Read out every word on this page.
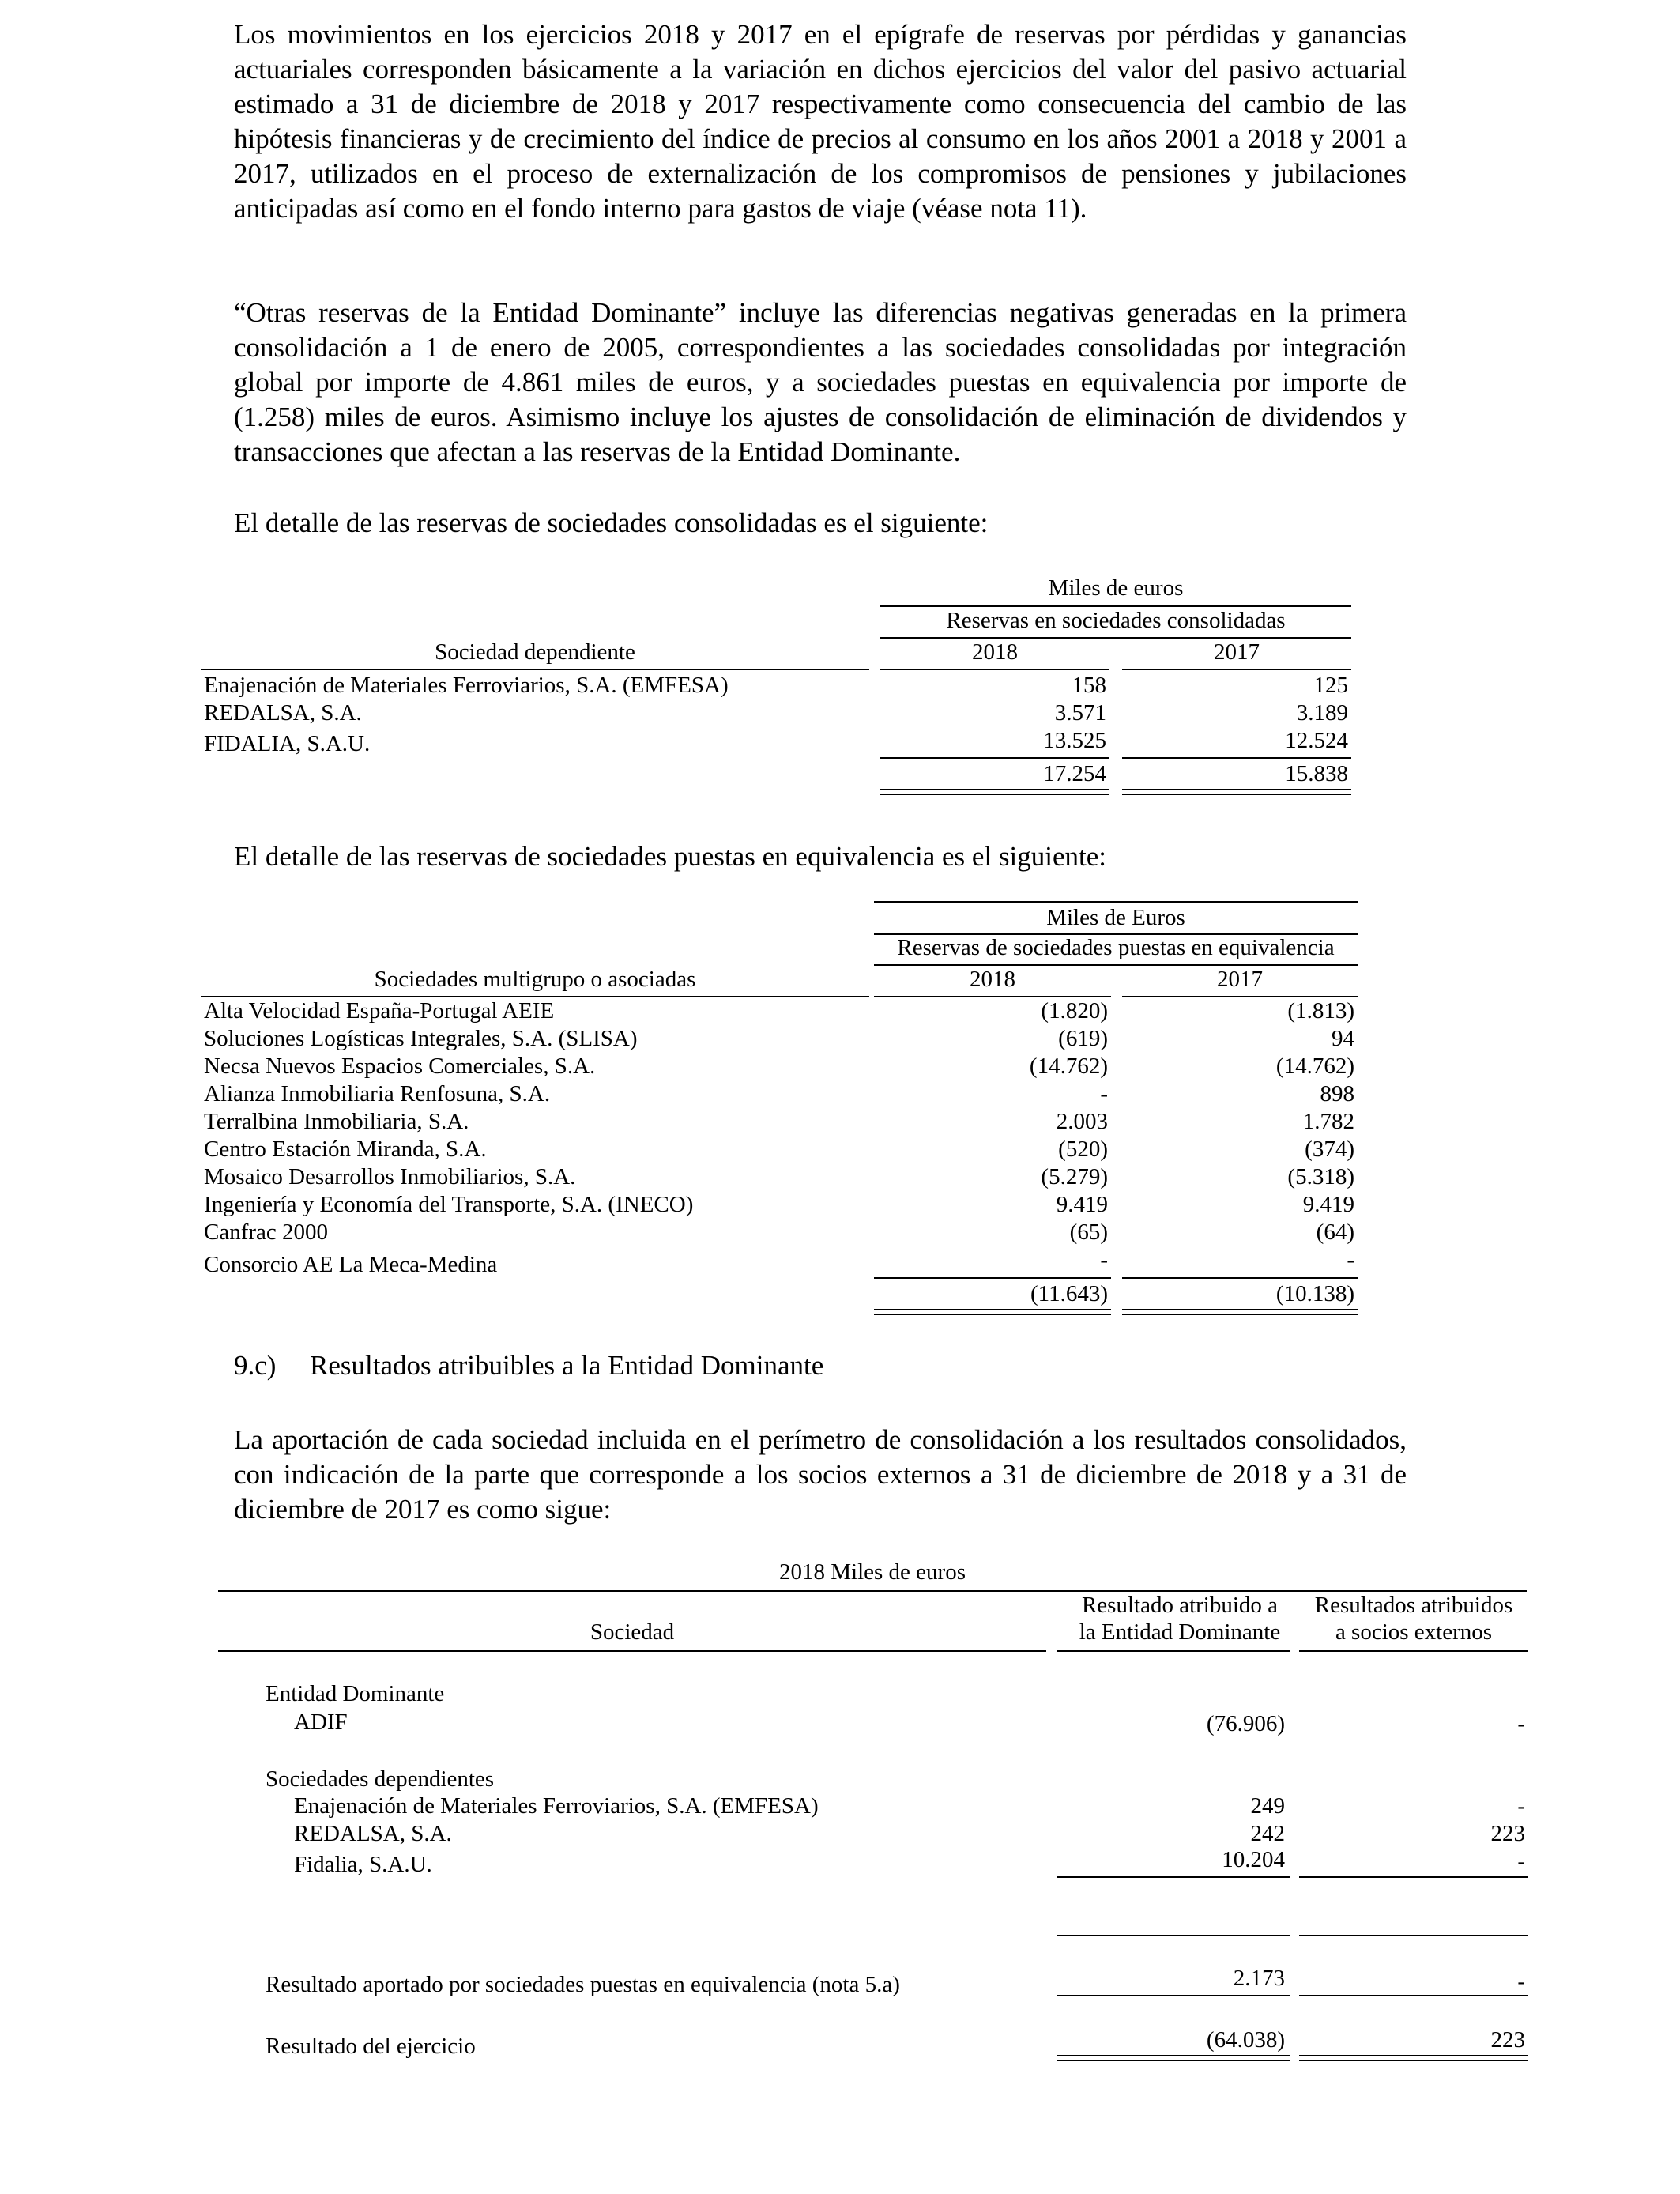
Los movimientos en los ejercicios 2018 y 2017 en el epígrafe de reservas por pérdidas y ganancias actuariales corresponden básicamente a la variación en dichos ejercicios del valor del pasivo actuarial estimado a 31 de diciembre de 2018 y 2017 respectivamente como consecuencia del cambio de las hipótesis financieras y de crecimiento del índice de precios al consumo en los años 2001 a 2018 y 2001 a 2017, utilizados en el proceso de externalización de los compromisos de pensiones y jubilaciones anticipadas así como en el fondo interno para gastos de viaje (véase nota 11).

“Otras reservas de la Entidad Dominante” incluye las diferencias negativas generadas en la primera consolidación a 1 de enero de 2005, correspondientes a las sociedades consolidadas por integración global por importe de 4.861 miles de euros, y a sociedades puestas en equivalencia por importe de (1.258) miles de euros. Asimismo incluye los ajustes de consolidación de eliminación de dividendos y transacciones que afectan a las reservas de la Entidad Dominante.

El detalle de las reservas de sociedades consolidadas es el siguiente:

Miles de euros
Reservas en sociedades consolidadas
Sociedad dependiente	2018	2017
Enajenación de Materiales Ferroviarios, S.A. (EMFESA)	158	125
REDALSA, S.A.	3.571	3.189
FIDALIA, S.A.U.	13.525	12.524
17.254	15.838

El detalle de las reservas de sociedades puestas en equivalencia es el siguiente:

Miles de Euros
Reservas de sociedades puestas en equivalencia
Sociedades multigrupo o asociadas	2018	2017
Alta Velocidad España-Portugal AEIE	(1.820)	(1.813)
Soluciones Logísticas Integrales, S.A. (SLISA)	(619)	94
Necsa Nuevos Espacios Comerciales, S.A.	(14.762)	(14.762)
Alianza Inmobiliaria Renfosuna, S.A.	-	898
Terralbina Inmobiliaria, S.A.	2.003	1.782
Centro Estación Miranda, S.A.	(520)	(374)
Mosaico Desarrollos Inmobiliarios, S.A.	(5.279)	(5.318)
Ingeniería y Economía del Transporte, S.A. (INECO)	9.419	9.419
Canfrac 2000	(65)	(64)
Consorcio AE La Meca-Medina	-	-
(11.643)	(10.138)
9.c) Resultados atribuibles a la Entidad Dominante

La aportación de cada sociedad incluida en el perímetro de consolidación a los resultados consolidados, con indicación de la parte que corresponde a los socios externos a 31 de diciembre de 2018 y a 31 de diciembre de 2017 es como sigue:

2018 Miles de euros
Resultado atribuido a
la Entidad Dominante
Resultados atribuidos
a socios externos
Sociedad
Entidad Dominante
ADIF	(76.906)	-
Sociedades dependientes
Enajenación de Materiales Ferroviarios, S.A. (EMFESA)	249	-
REDALSA, S.A.	242	223
Fidalia, S.A.U.	10.204	-
Resultado aportado por sociedades puestas en equivalencia (nota 5.a)	2.173	-
Resultado del ejercicio	(64.038)	223
